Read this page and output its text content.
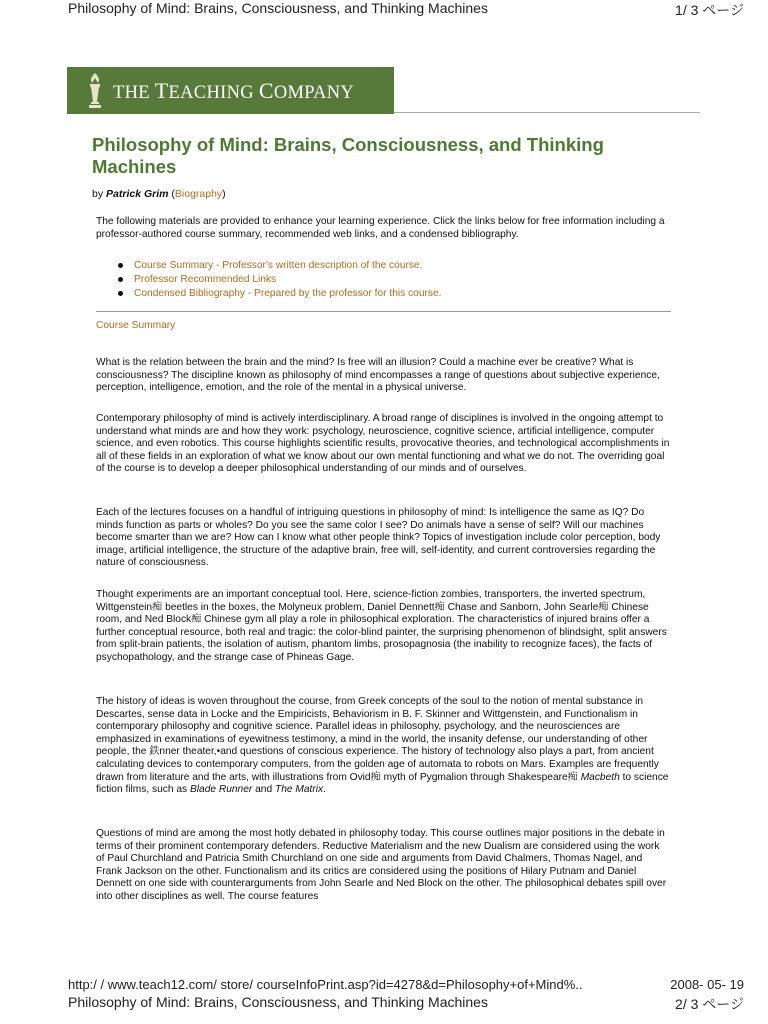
Philosophy of Mind: Brains, Consciousness, and Thinking Machines	1/ 3 ページ
THE TEACHING COMPANY
Philosophy of Mind: Brains, Consciousness, and Thinking Machines
by Patrick Grim (Biography)

The following materials are provided to enhance your learning experience. Click the links below for free information including a professor-authored course summary, recommended web links, and a condensed bibliography.

Course Summary - Professor's written description of the course.
Professor Recommended Links
Condensed Bibliography - Prepared by the professor for this course.
Course Summary

What is the relation between the brain and the mind? Is free will an illusion? Could a machine ever be creative? What is consciousness? The discipline known as philosophy of mind encompasses a range of questions about subjective experience, perception, intelligence, emotion, and the role of the mental in a physical universe.

Contemporary philosophy of mind is actively interdisciplinary. A broad range of disciplines is involved in the ongoing attempt to understand what minds are and how they work: psychology, neuroscience, cognitive science, artificial intelligence, computer science, and even robotics. This course highlights scientific results, provocative theories, and technological accomplishments in all of these fields in an exploration of what we know about our own mental functioning and what we do not. The overriding goal of the course is to develop a deeper philosophical understanding of our minds and of ourselves.

Each of the lectures focuses on a handful of intriguing questions in philosophy of mind: Is intelligence the same as IQ? Do minds function as parts or wholes? Do you see the same color I see? Do animals have a sense of self? Will our machines become smarter than we are? How can I know what other people think? Topics of investigation include color perception, body image, artificial intelligence, the structure of the adaptive brain, free will, self-identity, and current controversies regarding the nature of consciousness.

Thought experiments are an important conceptual tool. Here, science-fiction zombies, transporters, the inverted spectrum, Wittgenstein痴 beetles in the boxes, the Molyneux problem, Daniel Dennett痴 Chase and Sanborn, John Searle痴 Chinese room, and Ned Block痴 Chinese gym all play a role in philosophical exploration. The characteristics of injured brains offer a further conceptual resource, both real and tragic: the color-blind painter, the surprising phenomenon of blindsight, split answers from split-brain patients, the isolation of autism, phantom limbs, prosopagnosia (the inability to recognize faces), the facts of psychopathology, and the strange case of Phineas Gage.

The history of ideas is woven throughout the course, from Greek concepts of the soul to the notion of mental substance in Descartes, sense data in Locke and the Empiricists, Behaviorism in B. F. Skinner and Wittgenstein, and Functionalism in contemporary philosophy and cognitive science. Parallel ideas in philosophy, psychology, and the neurosciences are emphasized in examinations of eyewitness testimony, a mind in the world, the insanity defense, our understanding of other people, the 鉄nner theater,•and questions of conscious experience. The history of technology also plays a part, from ancient calculating devices to contemporary computers, from the golden age of automata to robots on Mars. Examples are frequently drawn from literature and the arts, with illustrations from Ovid痴 myth of Pygmalion through Shakespeare痴 Macbeth to science fiction films, such as Blade Runner and The Matrix.

Questions of mind are among the most hotly debated in philosophy today. This course outlines major positions in the debate in terms of their prominent contemporary defenders. Reductive Materialism and the new Dualism are considered using the work of Paul Churchland and Patricia Smith Churchland on one side and arguments from David Chalmers, Thomas Nagel, and Frank Jackson on the other. Functionalism and its critics are considered using the positions of Hilary Putnam and Daniel Dennett on one side with counterarguments from John Searle and Ned Block on the other. The philosophical debates spill over into other disciplines as well. The course features

http:/ / www.teach12.com/ store/ courseInfoPrint.asp?id=4278&d=Philosophy+of+Mind%..	2008- 05- 19
Philosophy of Mind: Brains, Consciousness, and Thinking Machines	2/ 3 ページ
